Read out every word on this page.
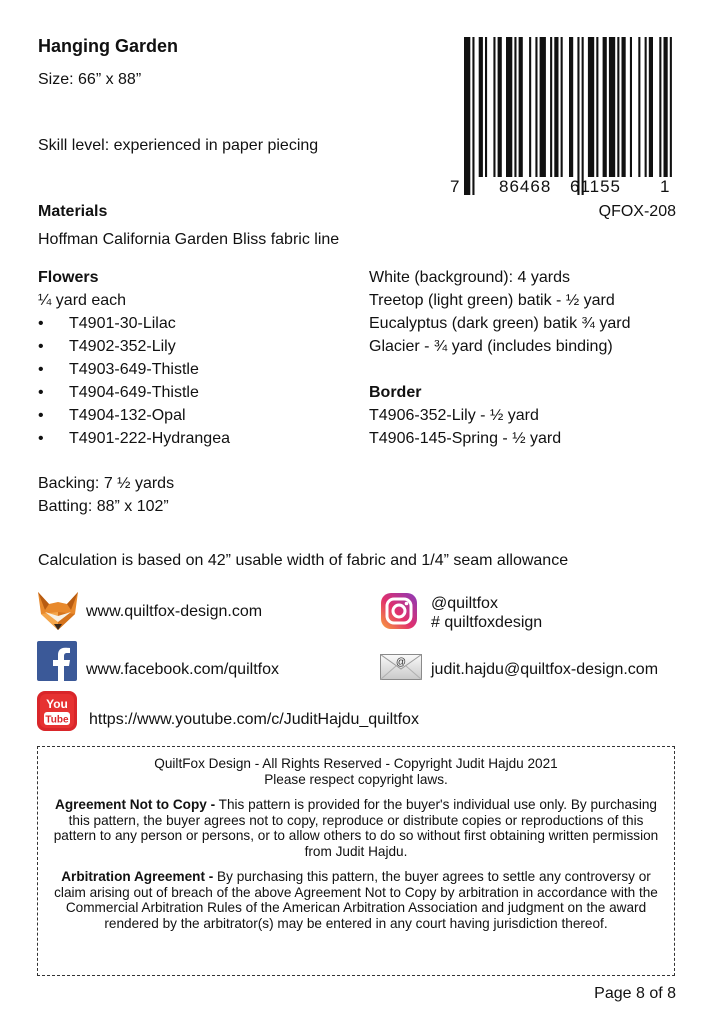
Hanging Garden
Size: 66” x 88”
Skill level: experienced in paper piecing
7 86468 61155 1
QFOX-208
Materials
Hoffman California Garden Bliss fabric line
Flowers
¼ yard each
• T4901-30-Lilac
• T4902-352-Lily
• T4903-649-Thistle
• T4904-649-Thistle
• T4904-132-Opal
• T4901-222-Hydrangea
White (background): 4 yards
Treetop (light green) batik - ½ yard
Eucalyptus (dark green) batik ¾ yard
Glacier - ¾ yard (includes binding)
Border
T4906-352-Lily - ½ yard
T4906-145-Spring - ½ yard
Backing: 7 ½ yards
Batting: 88” x 102”
Calculation is based on 42” usable width of fabric and 1/4” seam allowance
www.quiltfox-design.com	@quiltfox
# quiltfoxdesign
www.facebook.com/quiltfox	@ judit.hajdu@quiltfox-design.com
You
Tube https://www.youtube.com/c/JuditHajdu_quiltfox

QuiltFox Design - All Rights Reserved - Copyright Judit Hajdu 2021

Please respect copyright laws.

Agreement Not to Copy - This pattern is provided for the buyer's individual use only. By purchasing this pattern, the buyer agrees not to copy, reproduce or distribute copies or reproductions of this pattern to any person or persons, or to allow others to do so without first obtaining written permission from Judit Hajdu.

Arbitration Agreement - By purchasing this pattern, the buyer agrees to settle any controversy or claim arising out of breach of the above Agreement Not to Copy by arbitration in accordance with the Commercial Arbitration Rules of the American Arbitration Association and judgment on the award rendered by the arbitrator(s) may be entered in any court having jurisdiction thereof.

Page 8 of 8
